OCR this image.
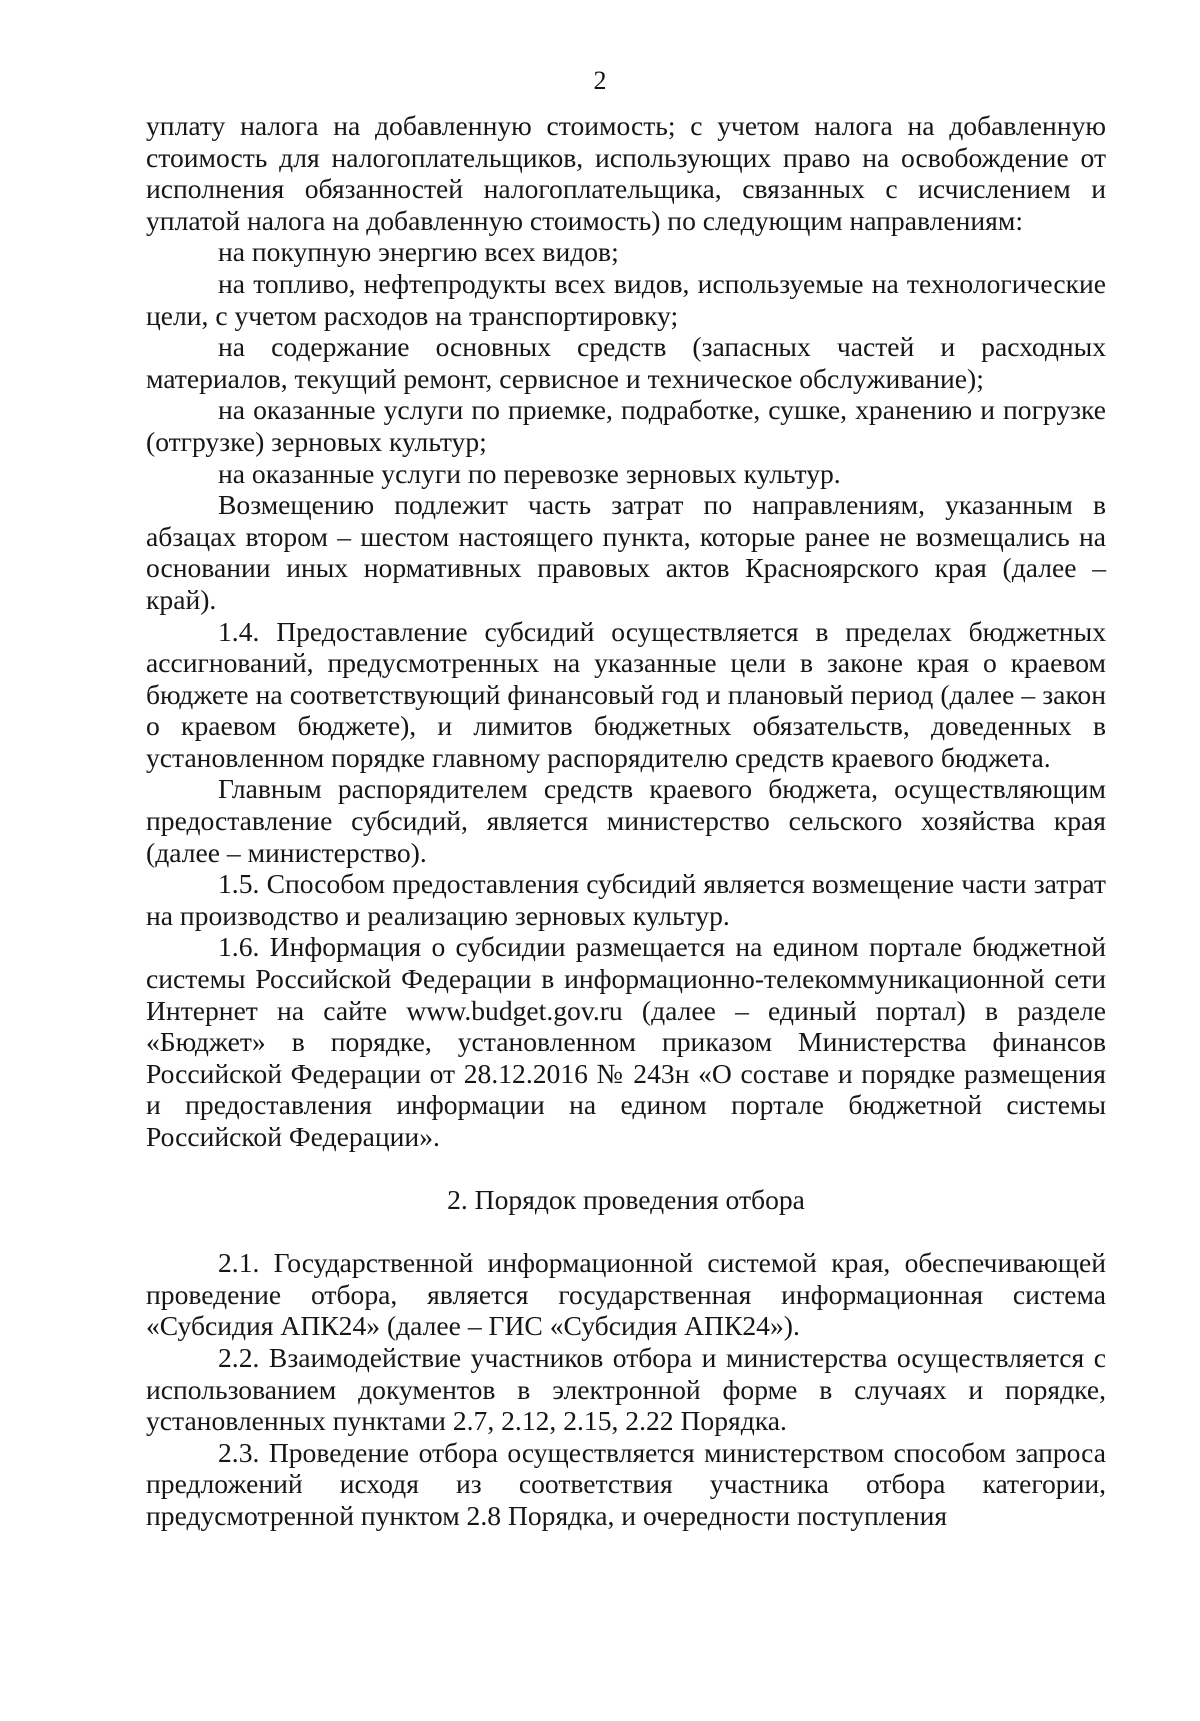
2

уплату налога на добавленную стоимость; с учетом налога на добавленную стоимость для налогоплательщиков, использующих право на освобождение от исполнения обязанностей налогоплательщика, связанных с исчислением и уплатой налога на добавленную стоимость) по следующим направлениям:

на покупную энергию всех видов;

на топливо, нефтепродукты всех видов, используемые на технологические цели, с учетом расходов на транспортировку;

на содержание основных средств (запасных частей и расходных материалов, текущий ремонт, сервисное и техническое обслуживание);

на оказанные услуги по приемке, подработке, сушке, хранению и погрузке (отгрузке) зерновых культур;

на оказанные услуги по перевозке зерновых культур.

Возмещению подлежит часть затрат по направлениям, указанным в абзацах втором – шестом настоящего пункта, которые ранее не возмещались на основании иных нормативных правовых актов Красноярского края (далее – край).

1.4. Предоставление субсидий осуществляется в пределах бюджетных ассигнований, предусмотренных на указанные цели в законе края о краевом бюджете на соответствующий финансовый год и плановый период (далее – закон о краевом бюджете), и лимитов бюджетных обязательств, доведенных в установленном порядке главному распорядителю средств краевого бюджета.

Главным распорядителем средств краевого бюджета, осуществляющим предоставление субсидий, является министерство сельского хозяйства края (далее – министерство).

1.5. Способом предоставления субсидий является возмещение части затрат на производство и реализацию зерновых культур.

1.6. Информация о субсидии размещается на едином портале бюджетной системы Российской Федерации в информационно-телекоммуникационной сети Интернет на сайте www.budget.gov.ru (далее – единый портал) в разделе «Бюджет» в порядке, установленном приказом Министерства финансов Российской Федерации от 28.12.2016 № 243н «О составе и порядке размещения и предоставления информации на едином портале бюджетной системы Российской Федерации».

2. Порядок проведения отбора

2.1. Государственной информационной системой края, обеспечивающей проведение отбора, является государственная информационная система «Субсидия АПК24» (далее – ГИС «Субсидия АПК24»).

2.2. Взаимодействие участников отбора и министерства осуществляется с использованием документов в электронной форме в случаях и порядке, установленных пунктами 2.7, 2.12, 2.15, 2.22 Порядка.

2.3. Проведение отбора осуществляется министерством способом запроса предложений исходя из соответствия участника отбора категории, предусмотренной пунктом 2.8 Порядка, и очередности поступления
